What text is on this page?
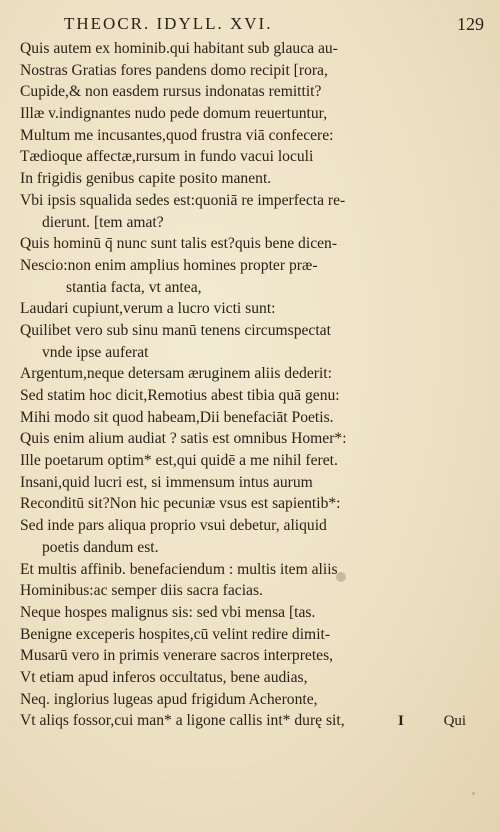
THEOCR. IDYLL. XVI.	129
Quis autem ex hominib.qui habitant sub glauca au-
Nostras Gratias fores pandens domo recipit [rora,
Cupide,& non easdem rursus indonatas remittit?
Illæ v.indignantes nudo pede domum reuertuntur,
Multum me incusantes,quod frustra viā confecere:
Tædioque affectæ,rursum in fundo vacui loculi
In frigidis genibus capite posito manent.
Vbi ipsis squalida sedes est:quoniā re imperfecta re-
dierunt. [tem amat?
Quis hominū q̄ nunc sunt talis est?quis bene dicen-
Nescio:non enim amplius homines propter præ-
stantia facta, vt antea,
Laudari cupiunt,verum a lucro victi sunt:
Quilibet vero sub sinu manū tenens circumspectat
vnde ipse auferat
Argentum,neque detersam æruginem aliis dederit:
Sed statim hoc dicit,Remotius abest tibia quā genu:
Mihi modo sit quod habeam,Dii benefaciāt Poetis.
Quis enim alium audiat ? satis est omnibus Homer*:
Ille poetarum optim* est,qui quidē a me nihil feret.
Insani,quid lucri est, si immensum intus aurum
Reconditū sit?Non hic pecuniæ vsus est sapientib*:
Sed inde pars aliqua proprio vsui debetur, aliquid
poetis dandum est.
Et multis affinib. benefaciendum : multis item aliis
Hominibus:ac semper diis sacra facias.
Neque hospes malignus sis: sed vbi mensa [tas.
Benigne exceperis hospites,cū velint redire dimit-
Musarū vero in primis venerare sacros interpretes,
Vt etiam apud inferos occultatus, bene audias,
Neq. inglorius lugeas apud frigidum Acheronte,
Vt aliqs fossor,cui man* a ligone callis int* durę sit,	I	Qui
